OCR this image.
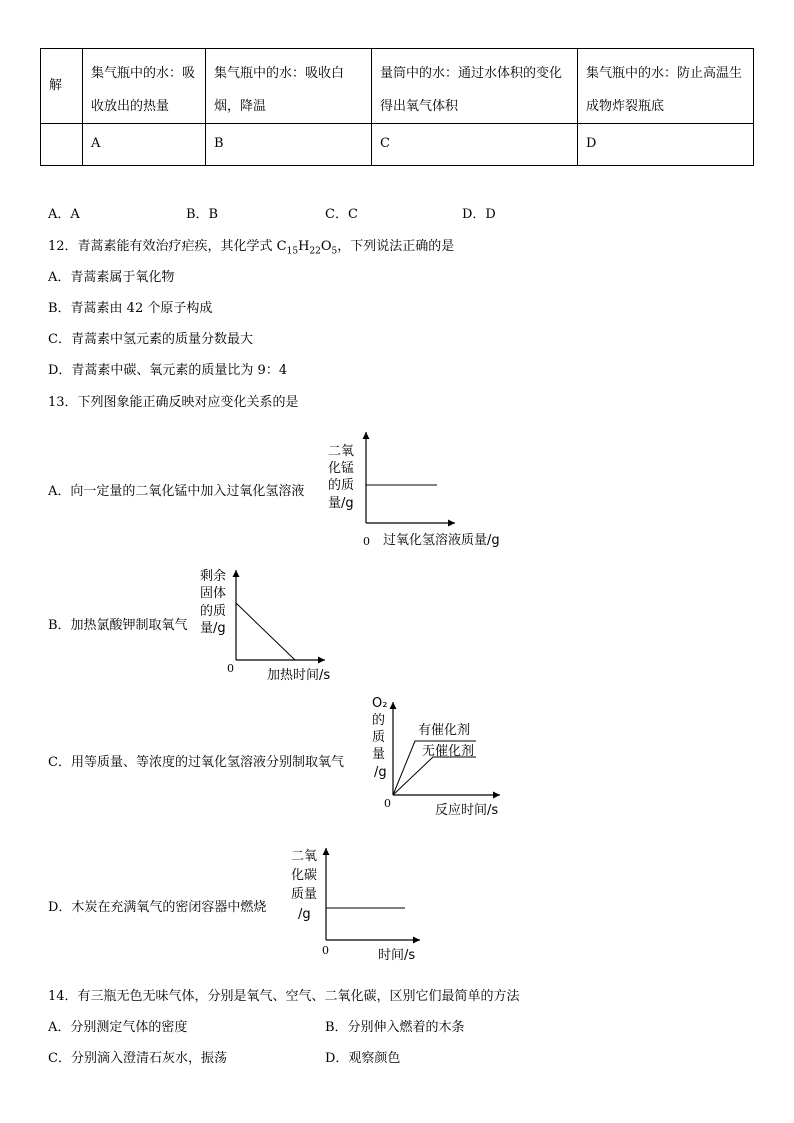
解	集气瓶中的水：吸收放出的热量	集气瓶中的水：吸收白烟，降温	量筒中的水：通过水体积的变化得出氧气体积	集气瓶中的水：防止高温生成物炸裂瓶底

	A	B	C	D
A．A	B．B	C．C	D．D
12．青蒿素能有效治疗疟疾，其化学式 $C_{15}H_{22}O_5$，下列说法正确的是
A．青蒿素属于氧化物
B．青蒿素由 42 个原子构成
C．青蒿素中氢元素的质量分数最大
D．青蒿素中碳、氧元素的质量比为 9：4
13．下列图象能正确反映对应变化关系的是
A．向一定量的二氧化锰中加入过氧化氢溶液
B．加热氯酸钾制取氧气
C．用等质量、等浓度的过氧化氢溶液分别制取氧气
D．木炭在充满氧气的密闭容器中燃烧
二氧
化锰
的质
量/g
0 过氧化氢溶液质量/g
剩余
固体
的质
量/g
0	加热时间/s
O₂
的
质
量
/g
0
有催化剂
无催化剂
反应时间/s
二氧
化碳
质量
/g
0	时间/s
14．有三瓶无色无味气体，分别是氧气、空气、二氧化碳，区别它们最简单的方法
A．分别测定气体的密度	B．分别伸入燃着的木条
C．分别滴入澄清石灰水，振荡	D．观察颜色
